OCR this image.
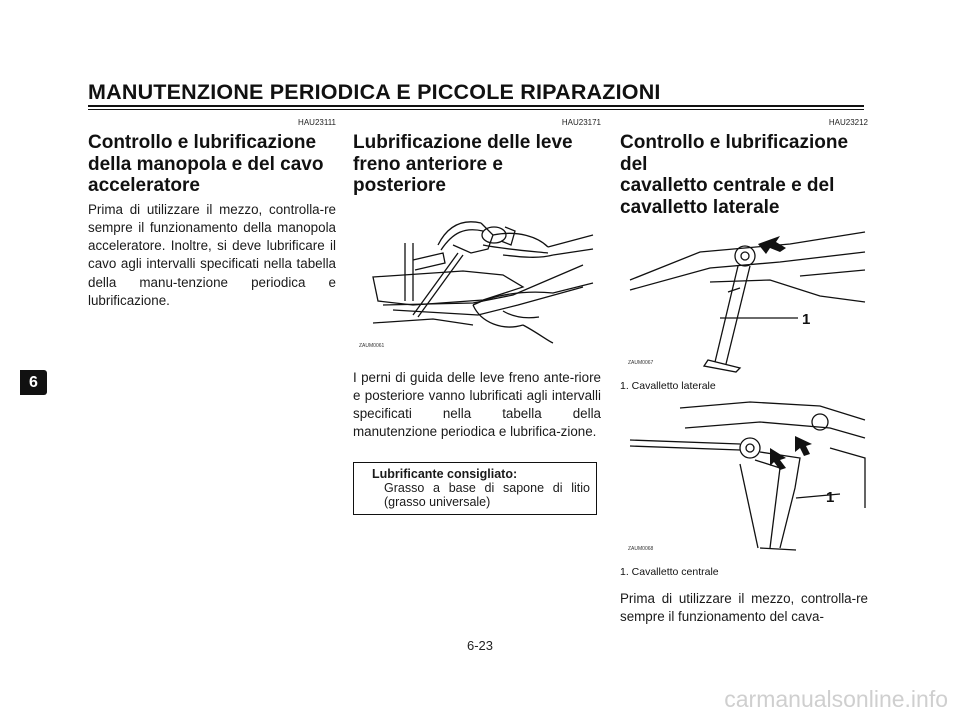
MANUTENZIONE PERIODICA E PICCOLE RIPARAZIONI
6
HAU23111
Controllo e lubrificazione
della manopola e del cavo
acceleratore

Prima di utilizzare il mezzo, controlla-re sempre il funzionamento della manopola acceleratore. Inoltre, si deve lubrificare il cavo agli intervalli specificati nella tabella della manu-tenzione periodica e lubrificazione.

HAU23171
Lubrificazione delle leve
freno anteriore e posteriore
ZAUM0061

I perni di guida delle leve freno ante-riore e posteriore vanno lubrificati agli intervalli specificati nella tabella della manutenzione periodica e lubrifica-zione.

Lubrificante consigliato:
Grasso a base di sapone di litio (grasso universale)
HAU23212
Controllo e lubrificazione del
cavalletto centrale e del
cavalletto laterale
1
ZAUM0067
1. Cavalletto laterale
1
ZAUM0068
1. Cavalletto centrale

Prima di utilizzare il mezzo, controlla-re sempre il funzionamento del cava-

6-23
carmanualsonline.info
